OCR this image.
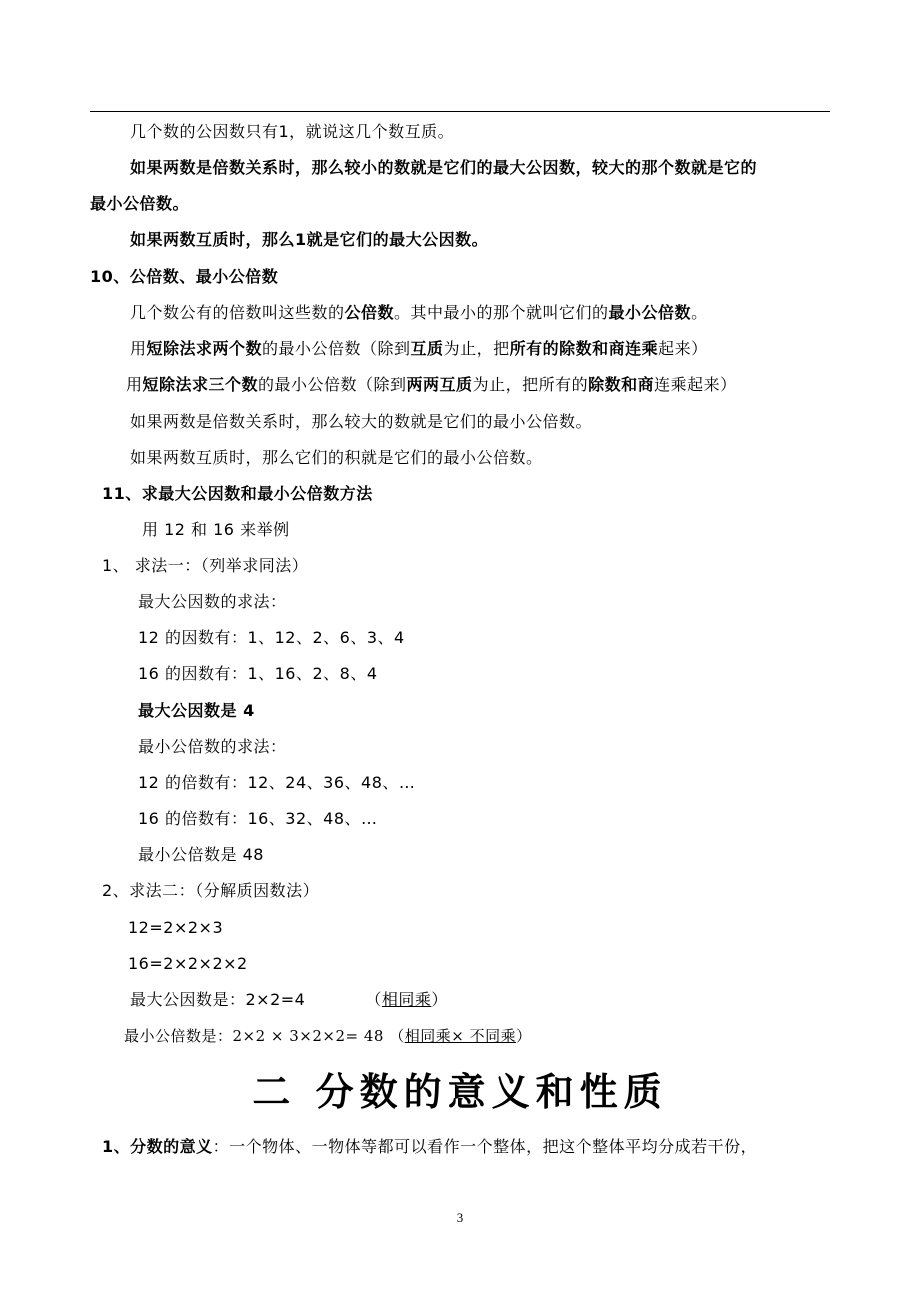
几个数的公因数只有1，就说这几个数互质。
如果两数是倍数关系时，那么较小的数就是它们的最大公因数，较大的那个数就是它的
最小公倍数。
如果两数互质时，那么1就是它们的最大公因数。
10、公倍数、最小公倍数
几个数公有的倍数叫这些数的公倍数。其中最小的那个就叫它们的最小公倍数。
用短除法求两个数的最小公倍数（除到互质为止，把所有的除数和商连乘起来）
用短除法求三个数的最小公倍数（除到两两互质为止，把所有的除数和商连乘起来）
如果两数是倍数关系时，那么较大的数就是它们的最小公倍数。
如果两数互质时，那么它们的积就是它们的最小公倍数。
11、求最大公因数和最小公倍数方法
用 12 和 16 来举例
1、 求法一：（列举求同法）
最大公因数的求法：
12 的因数有：1、12、2、6、3、4
16 的因数有：1、16、2、8、4
最大公因数是 4
最小公倍数的求法：
12 的倍数有：12、24、36、48、…
16 的倍数有：16、32、48、…
最小公倍数是 48
2、求法二：（分解质因数法）
12=2×2×3
16=2×2×2×2
最大公因数是：2×2=4	（相同乘）
最小公倍数是：2×2 × 3×2×2= 48 （相同乘× 不同乘）
二 分数的意义和性质
1、分数的意义：一个物体、一物体等都可以看作一个整体，把这个整体平均分成若干份，
3
